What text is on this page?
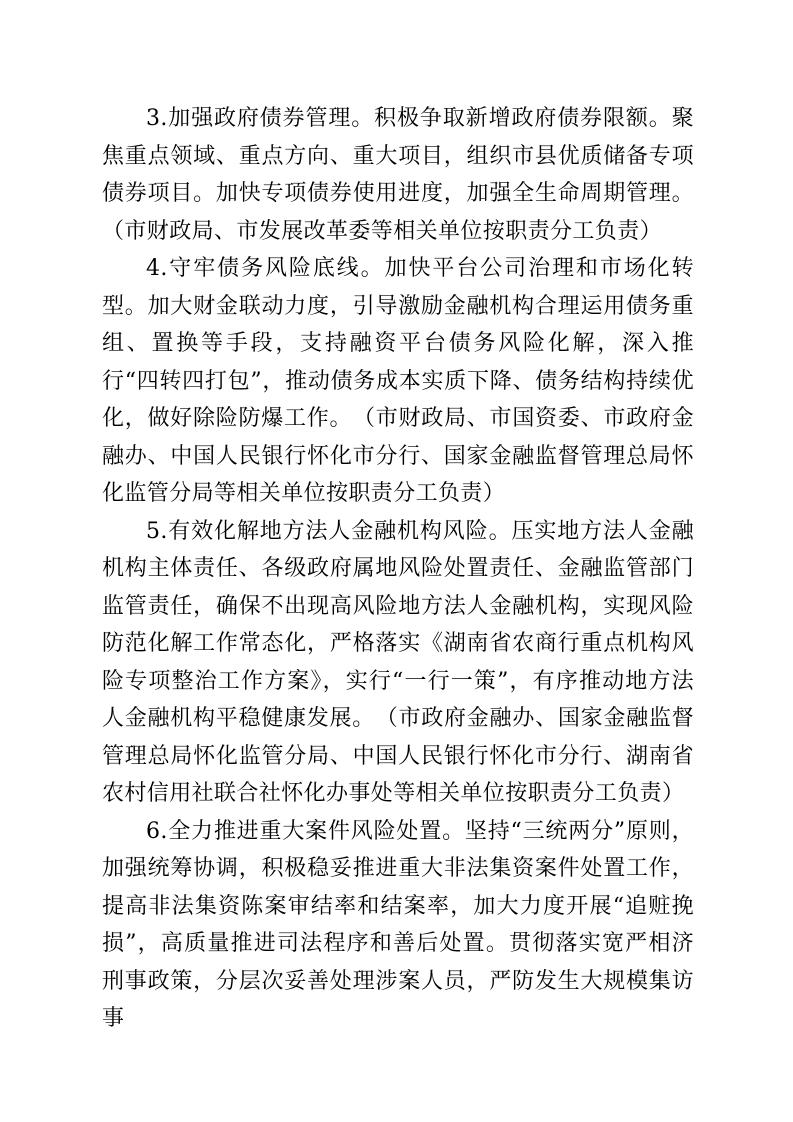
3.加强政府债券管理。积极争取新增政府债券限额。聚焦重点领域、重点方向、重大项目，组织市县优质储备专项债券项目。加快专项债券使用进度，加强全生命周期管理。（市财政局、市发展改革委等相关单位按职责分工负责）

4.守牢债务风险底线。加快平台公司治理和市场化转型。加大财金联动力度，引导激励金融机构合理运用债务重组、置换等手段，支持融资平台债务风险化解，深入推行“四转四打包”，推动债务成本实质下降、债务结构持续优化，做好除险防爆工作。　（市财政局、市国资委、市政府金融办、中国人民银行怀化市分行、国家金融监督管理总局怀化监管分局等相关单位按职责分工负责）

5.有效化解地方法人金融机构风险。压实地方法人金融机构主体责任、各级政府属地风险处置责任、金融监管部门监管责任，确保不出现高风险地方法人金融机构，实现风险防范化解工作常态化，严格落实《湖南省农商行重点机构风险专项整治工作方案》，实行“一行一策”，有序推动地方法人金融机构平稳健康发展。　（市政府金融办、国家金融监督管理总局怀化监管分局、中国人民银行怀化市分行、湖南省农村信用社联合社怀化办事处等相关单位按职责分工负责）

6.全力推进重大案件风险处置。坚持“三统两分”原则，加强统筹协调，积极稳妥推进重大非法集资案件处置工作，提高非法集资陈案审结率和结案率，加大力度开展“追赃挽损”，高质量推进司法程序和善后处置。贯彻落实宽严相济刑事政策，分层次妥善处理涉案人员，严防发生大规模集访事
